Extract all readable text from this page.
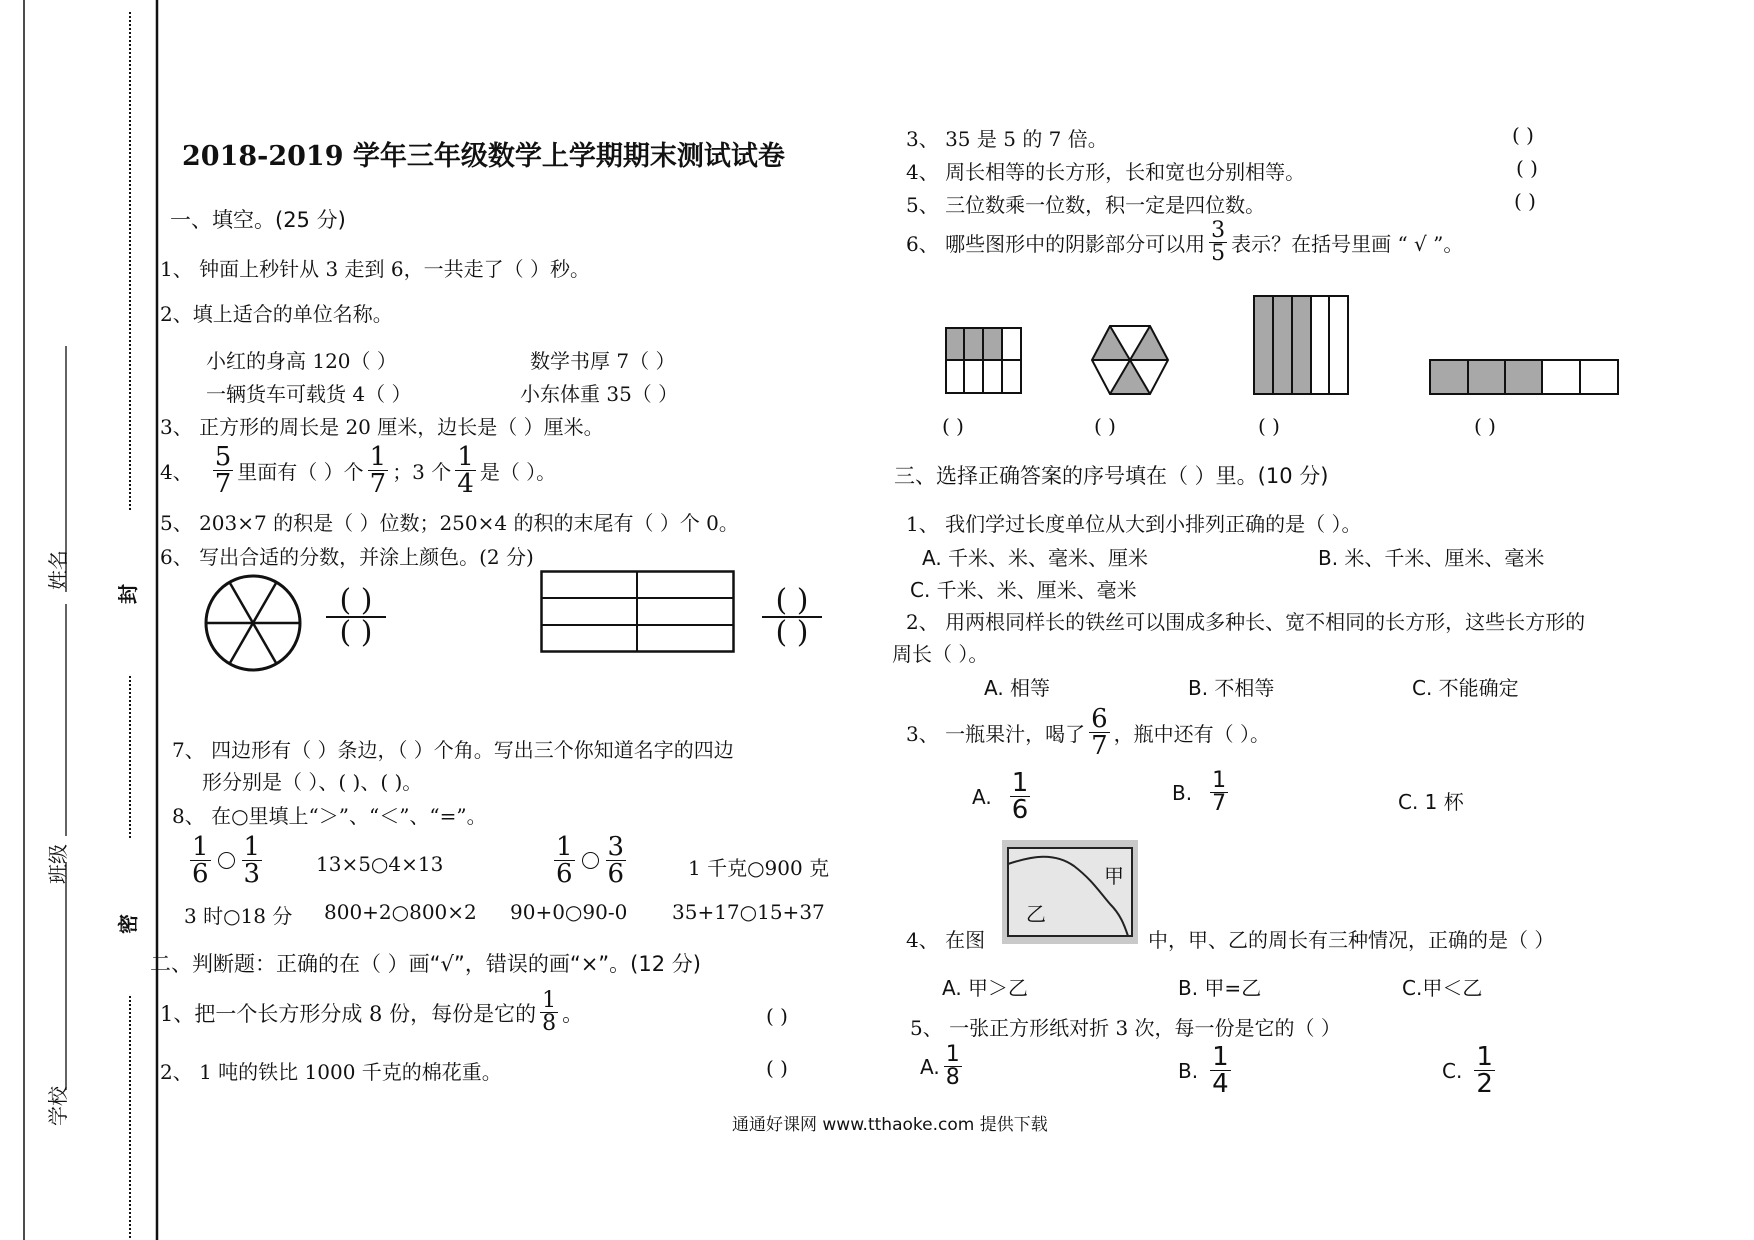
姓名
班级
学校
封
密
2018-2019 学年三年级数学上学期期末测试试卷
一、填空。(25 分)
1、 钟面上秒针从 3 走到 6，一共走了（ ）秒。
2、填上适合的单位名称。
小红的身高 120（ ）	数学书厚 7（ ）
一辆货车可载货 4（ ）	小东体重 35（ ）
3、 正方形的周长是 20 厘米，边长是（ ）厘米。
4、 $\frac{5}{7}$ 里面有（ ）个 $\frac{1}{7}$ ；3 个 $\frac{1}{4}$ 是（ ）。
5、 203×7 的积是（ ）位数；250×4 的积的末尾有（ ）个 0。
6、 写出合适的分数，并涂上颜色。(2 分)
( )
( )
( )
( )
7、 四边形有（ ）条边，（ ）个角。写出三个你知道名字的四边
形分别是（ ）、( )、( )。
8、 在○里填上“＞”、“＜”、“=”。
$\frac{1}{6} \frac{1}{3}$	13×5○4×13	$\frac{1}{6} \frac{3}{6}$	1 千克○900 克
3 时○18 分 800+2○800×2 90+0○90-0 35+17○15+37
二、判断题：正确的在（ ）画“√”，错误的画“×”。(12 分)
1、把一个长方形分成 8 份，每份是它的 $\frac{1}{8}$ 。	( )
2、 1 吨的铁比 1000 千克的棉花重。	( )
3、 35 是 5 的 7 倍。	( )
4、 周长相等的长方形，长和宽也分别相等。	( )
5、 三位数乘一位数，积一定是四位数。	( )
6、 哪些图形中的阴影部分可以用 $\frac{3}{5}$ 表示？在括号里画 “ √ ”。
( )	( )	( )	( )
三、选择正确答案的序号填在（ ）里。(10 分)
1、 我们学过长度单位从大到小排列正确的是（ ）。
A. 千米、米、毫米、厘米	B. 米、千米、厘米、毫米
C. 千米、米、厘米、毫米
2、 用两根同样长的铁丝可以围成多种长、宽不相同的长方形，这些长方形的
周长（ ）。
A. 相等	B. 不相等	C. 不能确定
3、 一瓶果汁，喝了 $\frac{6}{7}$ ，瓶中还有（ ）。
A. $\frac{1}{6}$	B. $\frac{1}{7}$	C. 1 杯
4、 在图
甲
乙
中，甲、乙的周长有三种情况，正确的是（ ）
A. 甲＞乙	B. 甲=乙	C.甲＜乙
5、 一张正方形纸对折 3 次，每一份是它的（ ）
A. $\frac{1}{8}$	B. $\frac{1}{4}$	C. $\frac{1}{2}$
通通好课网 www.tthaoke.com 提供下载
